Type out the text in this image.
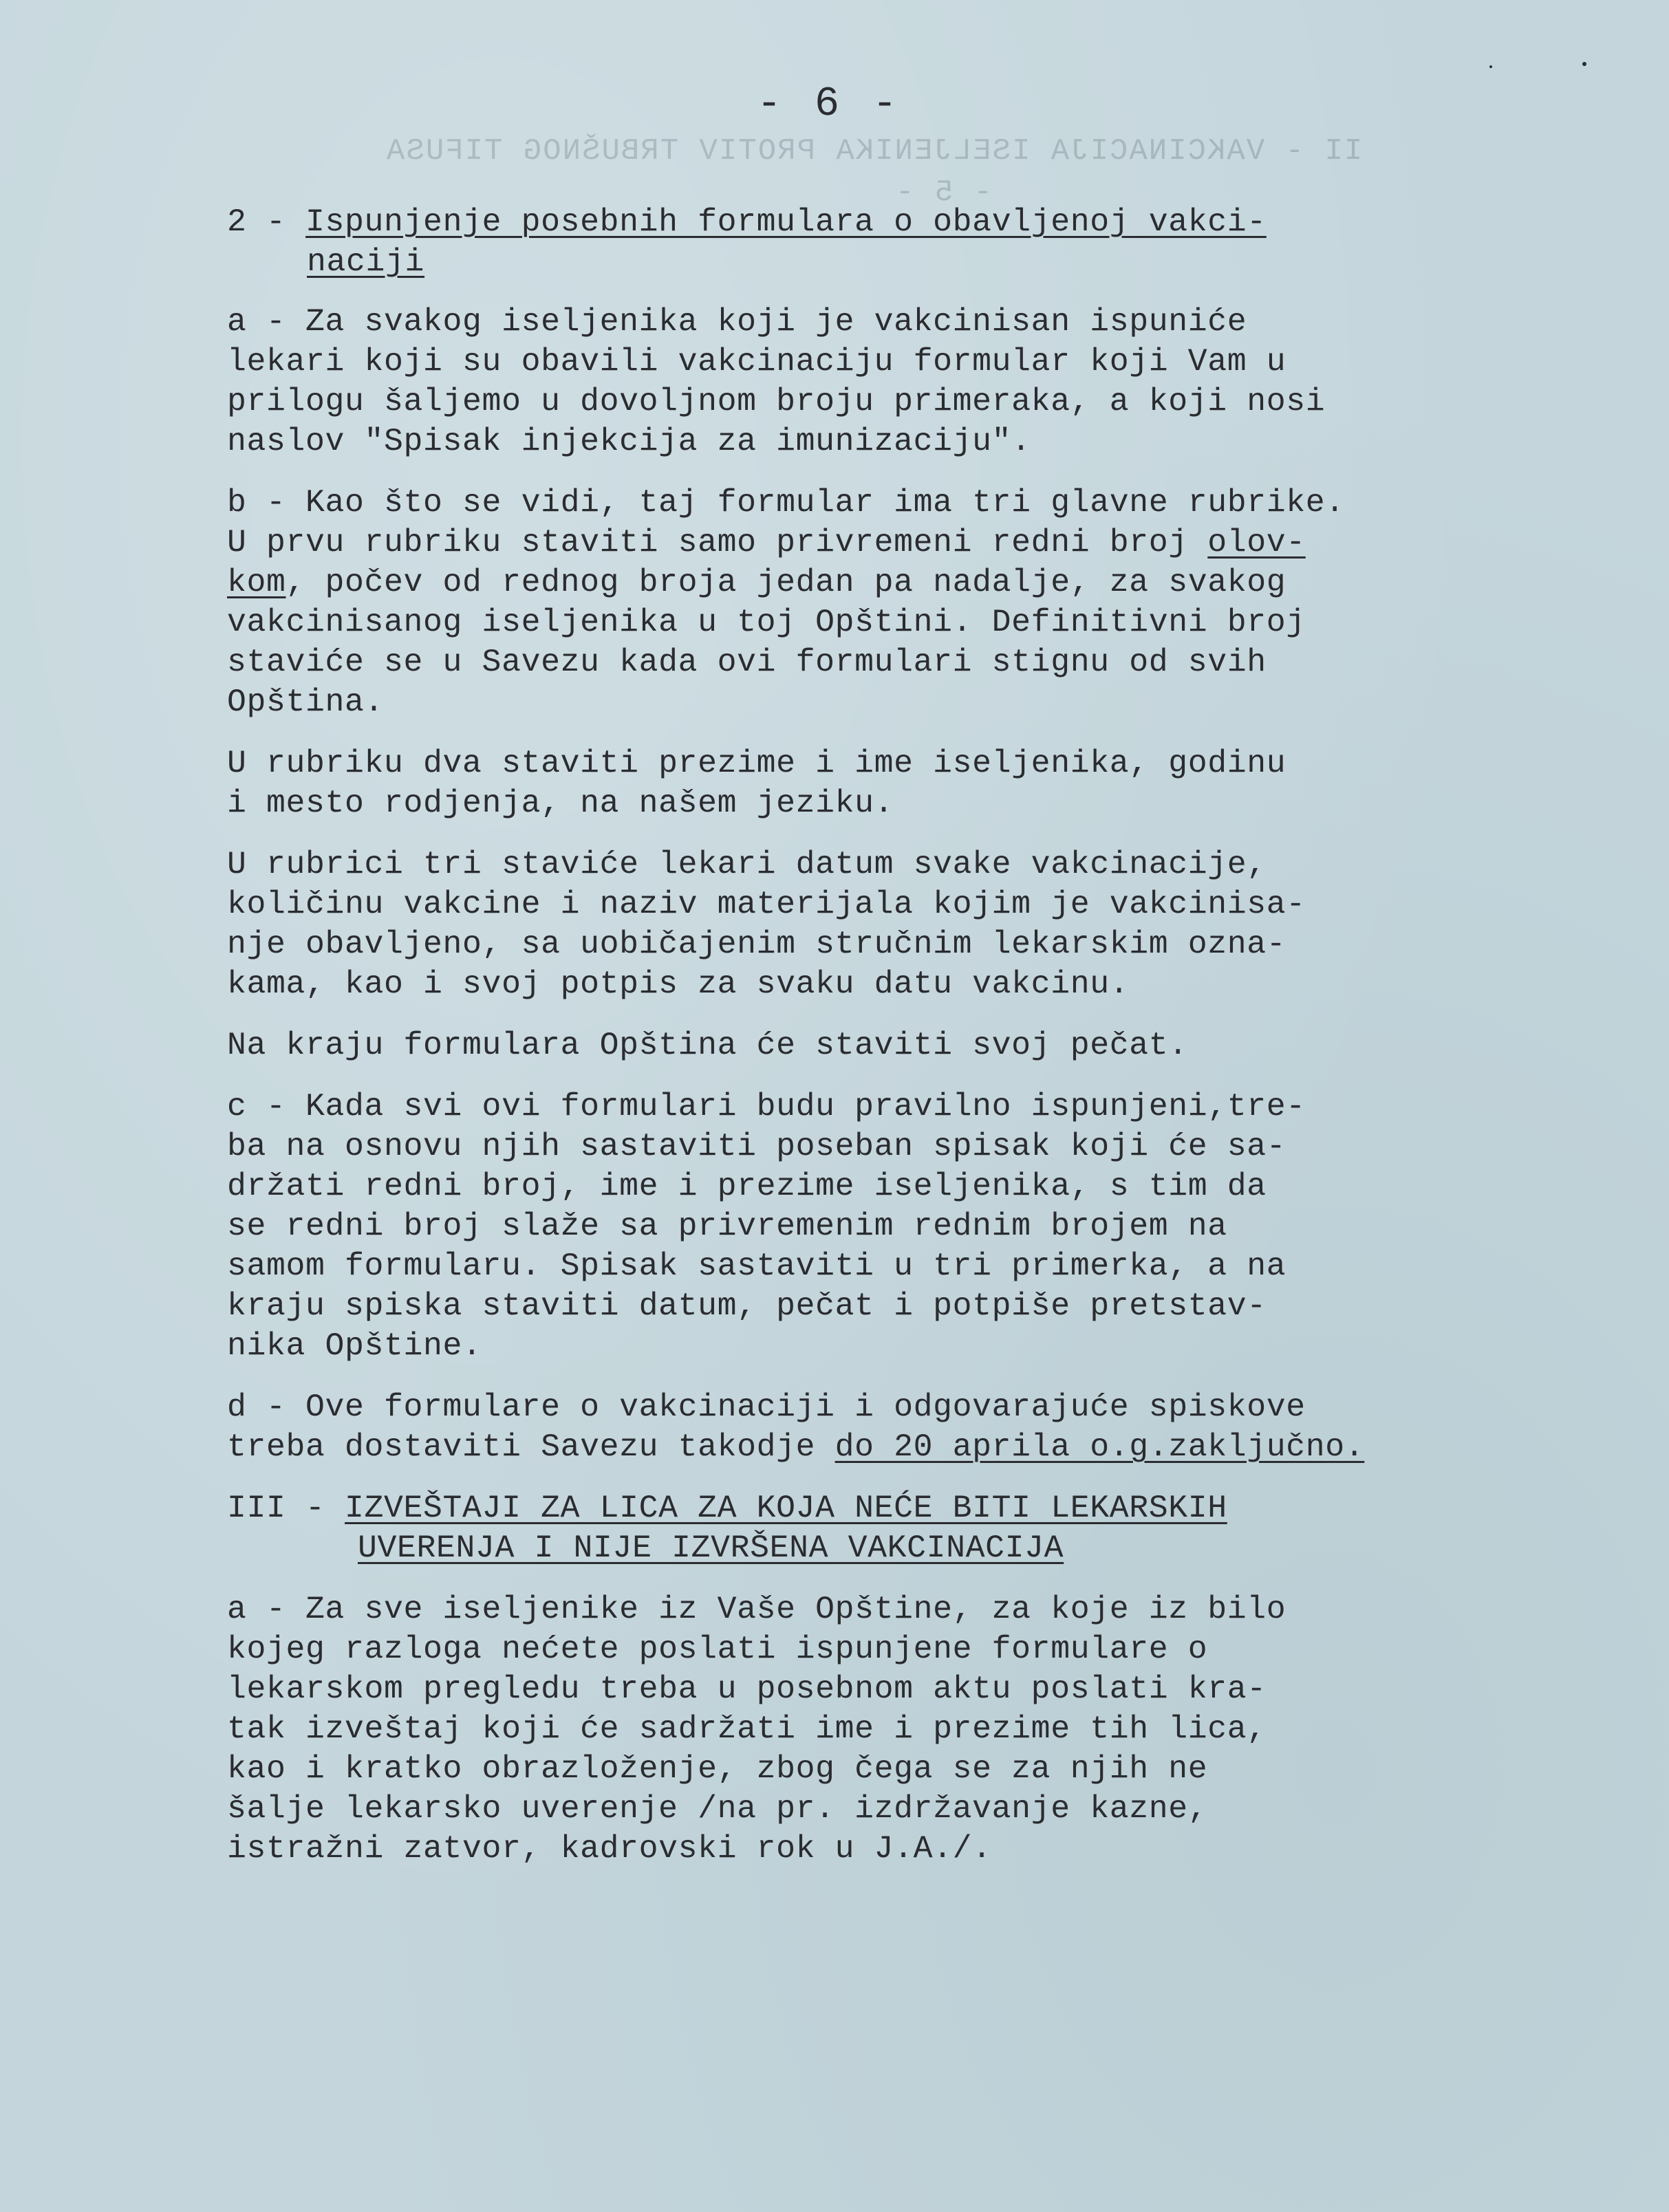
II - VAKCINACIJA ISELJENIKA PROTIV TRBUŠNOG TIFUSA
- 5 -
- 6 -
2 - Ispunjenje posebnih formulara o obavljenoj vakci-
naciji
a - Za svakog iseljenika koji je vakcinisan ispuniće
lekari koji su obavili vakcinaciju formular koji Vam u
prilogu šaljemo u dovoljnom broju primeraka, a koji nosi
naslov "Spisak injekcija za imunizaciju".
b - Kao što se vidi, taj formular ima tri glavne rubrike.
U prvu rubriku staviti samo privremeni redni broj olov-
kom, počev od rednog broja jedan pa nadalje, za svakog
vakcinisanog iseljenika u toj Opštini. Definitivni broj
staviće se u Savezu kada ovi formulari stignu od svih
Opština.
U rubriku dva staviti prezime i ime iseljenika, godinu
i mesto rodjenja, na našem jeziku.
U rubrici tri staviće lekari datum svake vakcinacije,
količinu vakcine i naziv materijala kojim je vakcinisa-
nje obavljeno, sa uobičajenim stručnim lekarskim ozna-
kama, kao i svoj potpis za svaku datu vakcinu.
Na kraju formulara Opština će staviti svoj pečat.
c - Kada svi ovi formulari budu pravilno ispunjeni,tre-
ba na osnovu njih sastaviti poseban spisak koji će sa-
držati redni broj, ime i prezime iseljenika, s tim da
se redni broj slaže sa privremenim rednim brojem na
samom formularu. Spisak sastaviti u tri primerka, a na
kraju spiska staviti datum, pečat i potpiše pretstav-
nika Opštine.
d - Ove formulare o vakcinaciji i odgovarajuće spiskove
treba dostaviti Savezu takodje do 20 aprila o.g.zaključno.
III - IZVEŠTAJI ZA LICA ZA KOJA NEĆE BITI LEKARSKIH
UVERENJA I NIJE IZVRŠENA VAKCINACIJA
a - Za sve iseljenike iz Vaše Opštine, za koje iz bilo
kojeg razloga nećete poslati ispunjene formulare o
lekarskom pregledu treba u posebnom aktu poslati kra-
tak izveštaj koji će sadržati ime i prezime tih lica,
kao i kratko obrazloženje, zbog čega se za njih ne
šalje lekarsko uverenje /na pr. izdržavanje kazne,
istražni zatvor, kadrovski rok u J.A./.
